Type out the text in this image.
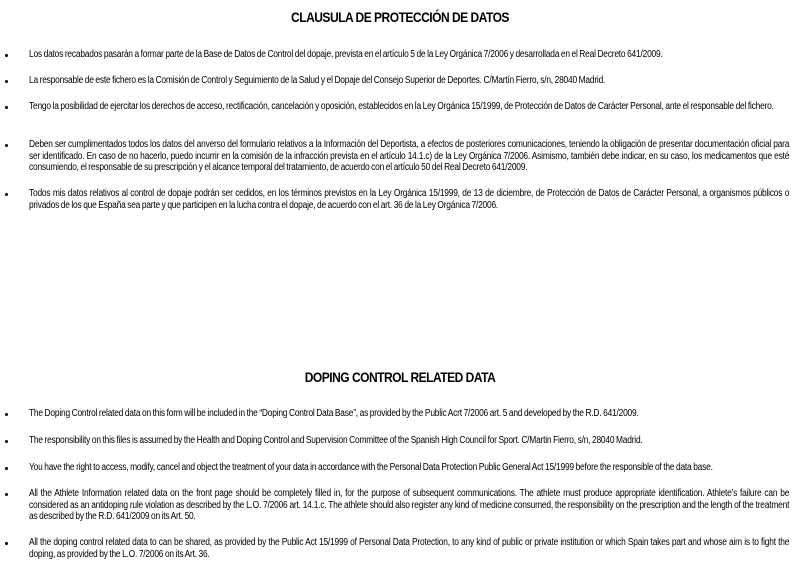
CLAUSULA DE PROTECCIÓN DE DATOS
Los datos recabados pasarán a formar parte de la Base de Datos de Control del dopaje, prevista en el artículo 5 de la Ley Orgánica 7/2006 y desarrollada en el Real Decreto 641/2009.
La responsable de este fichero es la Comisión de Control y Seguimiento de la Salud y el Dopaje del Consejo Superior de Deportes. C/Martín Fierro, s/n, 28040 Madrid.
Tengo la posibilidad de ejercitar los derechos de acceso, rectificación, cancelación y oposición, establecidos en la Ley Orgánica 15/1999, de Protección de Datos de Carácter Personal, ante el responsable del fichero.
Deben ser cumplimentados todos los datos del anverso del formulario relativos a la Información del Deportista, a efectos de posteriores comunicaciones, teniendo la obligación de presentar documentación oficial para ser identificado. En caso de no hacerlo, puedo incurrir en la comisión de la infracción prevista en el artículo 14.1.c) de la Ley Orgánica 7/2006. Asimismo, también debe indicar, en su caso, los medicamentos que esté consumiendo, el responsable de su prescripción y el alcance temporal del tratamiento, de acuerdo con el artículo 50 del Real Decreto 641/2009.
Todos mis datos relativos al control de dopaje podrán ser cedidos, en los términos previstos en la Ley Orgánica 15/1999, de 13 de diciembre, de Protección de Datos de Carácter Personal, a organismos públicos o privados de los que España sea parte y que participen en la lucha contra el dopaje, de acuerdo con el art. 36 de la Ley Orgánica 7/2006.
DOPING CONTROL RELATED DATA
The Doping Control related data on this form will be included in the “Doping Control Data Base”, as provided by the Public Acrt 7/2006 art. 5 and developed by the R.D. 641/2009.
The responsibility on this files is assumed by the Health and Doping Control and Supervision Committee of the Spanish High Council for Sport. C/Martin Fierro, s/n, 28040 Madrid.
You have the right to access, modify, cancel and object the treatment of your data in accordance with the Personal Data Protection Public General Act 15/1999 before the responsible of the data base.
All the Athlete Information related data on the front page should be completely filled in, for the purpose of subsequent communications. The athlete must produce appropriate identification. Athlete’s failure can be considered as an antidoping rule violation as described by the L.O. 7/2006 art. 14.1.c. The athlete should also register any kind of medicine consumed, the responsibility on the prescription and the length of the treatment as described by the R.D. 641/2009 on its Art. 50.
All the doping control related data to can be shared, as provided by the Public Act 15/1999 of Personal Data Protection, to any kind of public or private institution or which Spain takes part and whose aim is to fight the doping, as provided by the L.O. 7/2006 on its Art. 36.
